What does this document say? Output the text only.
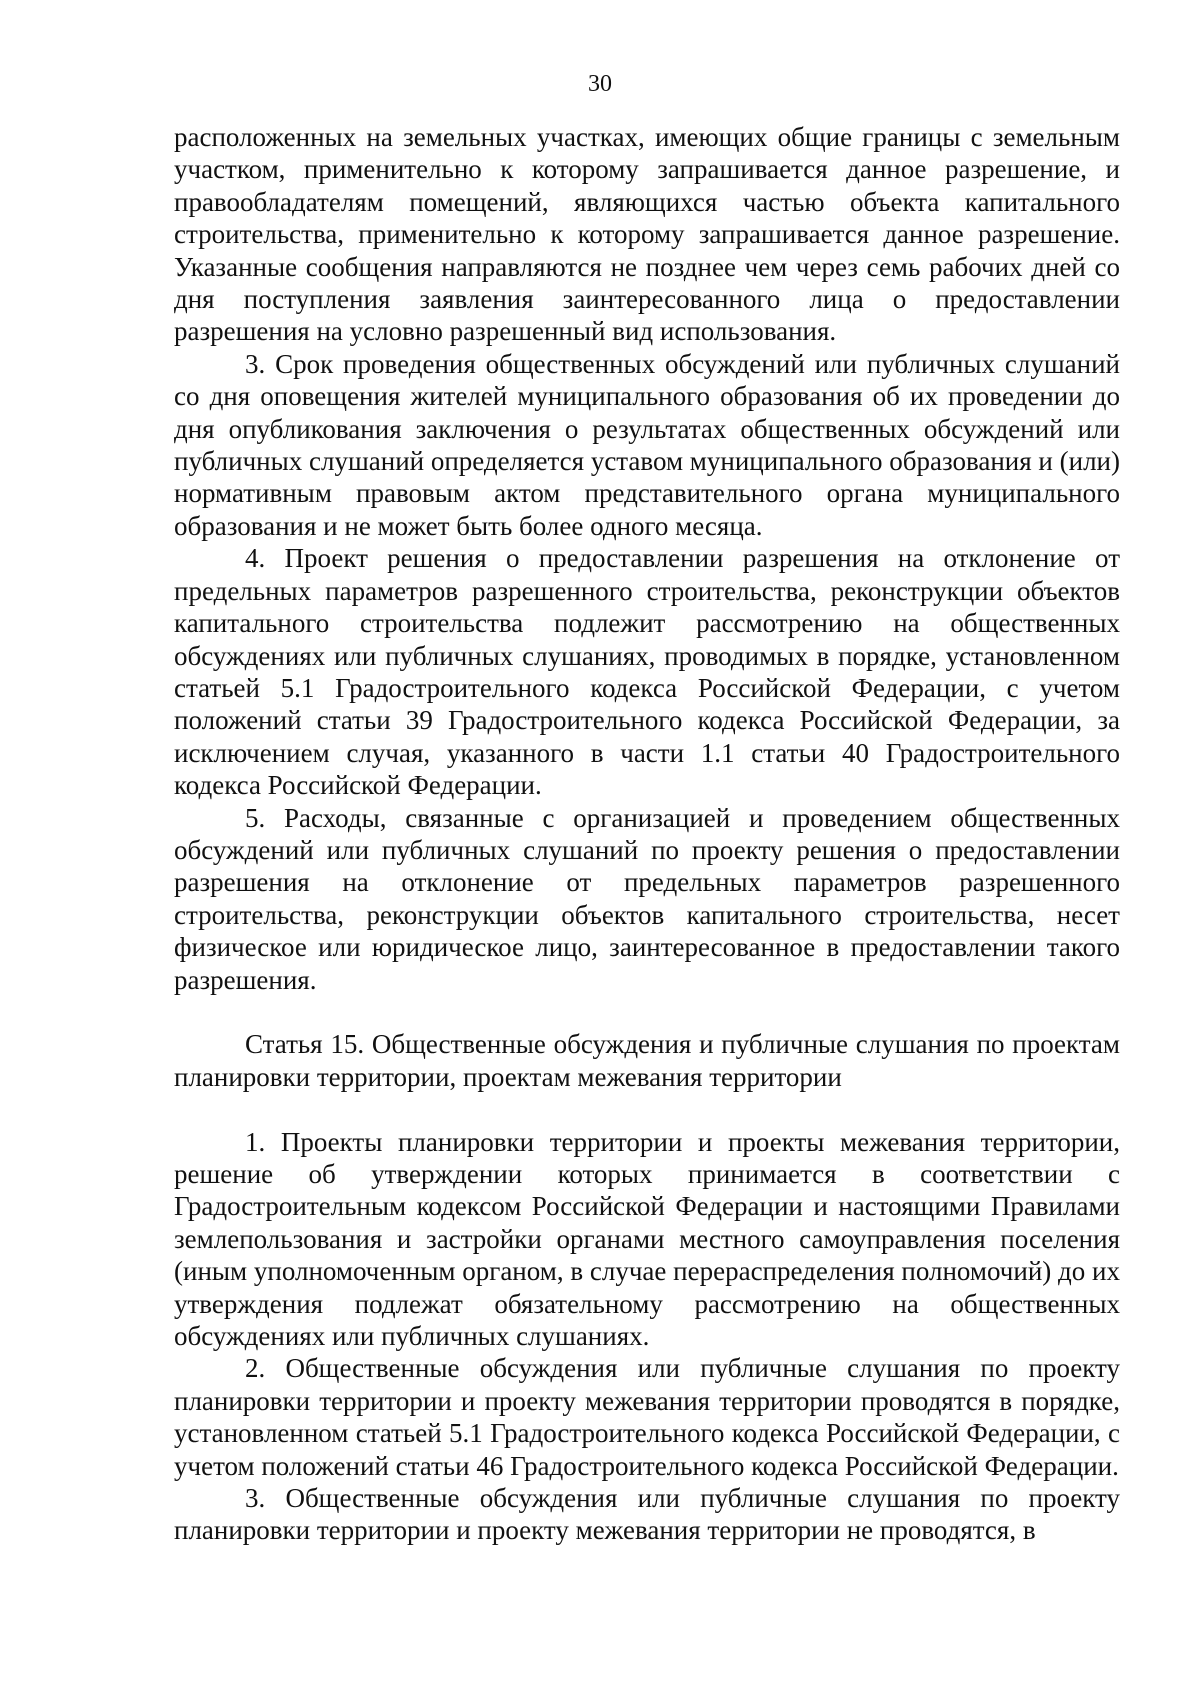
30

расположенных на земельных участках, имеющих общие границы с земельным участком, применительно к которому запрашивается данное разрешение, и правообладателям помещений, являющихся частью объекта капитального строительства, применительно к которому запрашивается данное разрешение. Указанные сообщения направляются не позднее чем через семь рабочих дней со дня поступления заявления заинтересованного лица о предоставлении разрешения на условно разрешенный вид использования.

3. Срок проведения общественных обсуждений или публичных слушаний со дня оповещения жителей муниципального образования об их проведении до дня опубликования заключения о результатах общественных обсуждений или публичных слушаний определяется уставом муниципального образования и (или) нормативным правовым актом представительного органа муниципального образования и не может быть более одного месяца.

4. Проект решения о предоставлении разрешения на отклонение от предельных параметров разрешенного строительства, реконструкции объектов капитального строительства подлежит рассмотрению на общественных обсуждениях или публичных слушаниях, проводимых в порядке, установленном статьей 5.1 Градостроительного кодекса Российской Федерации, с учетом положений статьи 39 Градостроительного кодекса Российской Федерации, за исключением случая, указанного в части 1.1 статьи 40 Градостроительного кодекса Российской Федерации.

5. Расходы, связанные с организацией и проведением общественных обсуждений или публичных слушаний по проекту решения о предоставлении разрешения на отклонение от предельных параметров разрешенного строительства, реконструкции объектов капитального строительства, несет физическое или юридическое лицо, заинтересованное в предоставлении такого разрешения.

Статья 15. Общественные обсуждения и публичные слушания по проектам планировки территории, проектам межевания территории

1. Проекты планировки территории и проекты межевания территории, решение об утверждении которых принимается в соответствии с Градостроительным кодексом Российской Федерации и настоящими Правилами землепользования и застройки органами местного самоуправления поселения (иным уполномоченным органом, в случае перераспределения полномочий) до их утверждения подлежат обязательному рассмотрению на общественных обсуждениях или публичных слушаниях.

2. Общественные обсуждения или публичные слушания по проекту планировки территории и проекту межевания территории проводятся в порядке, установленном статьей 5.1 Градостроительного кодекса Российской Федерации, с учетом положений статьи 46 Градостроительного кодекса Российской Федерации.

3. Общественные обсуждения или публичные слушания по проекту планировки территории и проекту межевания территории не проводятся, в
